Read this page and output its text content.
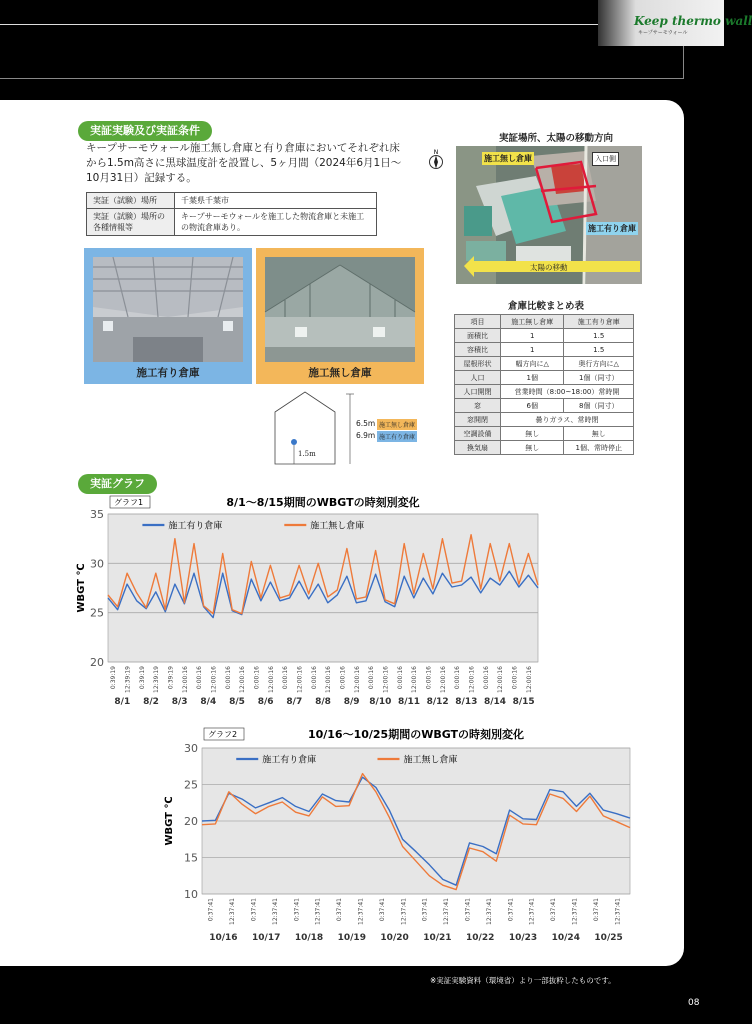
Keep thermo wall
キープサーモウォール
実証実験及び実証条件
キープサーモウォール施工無し倉庫と有り倉庫においてそれぞれ床から1.5m高さに黒球温度計を設置し、5ヶ月間（2024年6月1日〜10月31日）記録する。
N
実証場所、太陽の移動方向
施工無し倉庫	入口側
施工有り倉庫
太陽の移動
実証（試験）場所	千葉県千葉市
実証（試験）場所の各種情報等	キープサーモウォールを施工した物流倉庫と未施工の物流倉庫あり。
施工有り倉庫	施工無し倉庫
6.5m 施工無し倉庫
6.9m 施工有り倉庫
1.5m
倉庫比較まとめ表
項目	施工無し倉庫	施工有り倉庫
面積比	1	1.5
容積比	1	1.5
屋根形状	幅方向に△	奥行方向に△
人口	1個	1個（同寸）
人口開閉	営業時間（8:00~18:00）常時開	
窓	6個	8個（同寸）
窓開閉	曇りガラス、常時閉	
空調設備	無し	無し
換気扇	無し	1個、常時停止
実証グラフ
グラフ1	8/1〜8/15期間のWBGTの時刻別変化
20
25
30
35
WBGT ℃
施工有り倉庫	施工無し倉庫
0:39:19 12:39:19 0:39:19 12:39:19 0:39:19 12:00:16 0:00:16 12:00:16 0:00:16 12:00:16 0:00:16 12:00:16 0:00:16 12:00:16 0:00:16 12:00:16 0:00:16 12:00:16 0:00:16 12:00:16 0:00:16 12:00:16 0:00:16 12:00:16 0:00:16 12:00:16 0:00:16 12:00:16 0:00:16 12:00:16
8/1 8/2 8/3 8/4 8/5 8/6 8/7 8/8 8/9 8/10 8/11 8/12 8/13 8/14 8/15
グラフ2	10/16〜10/25期間のWBGTの時刻別変化
10
15
20
25
30
WBGT ℃
施工有り倉庫	施工無し倉庫
0:37:41 12:37:41 0:37:41 12:37:41 0:37:41 12:37:41 0:37:41 12:37:41 0:37:41 12:37:41 0:37:41 12:37:41 0:37:41 12:37:41 0:37:41 12:37:41 0:37:41 12:37:41 0:37:41 12:37:41
10/16 10/17 10/18 10/19 10/20 10/21 10/22 10/23 10/24 10/25
※実証実験資料（環境省）より一部抜粋したものです。
08
